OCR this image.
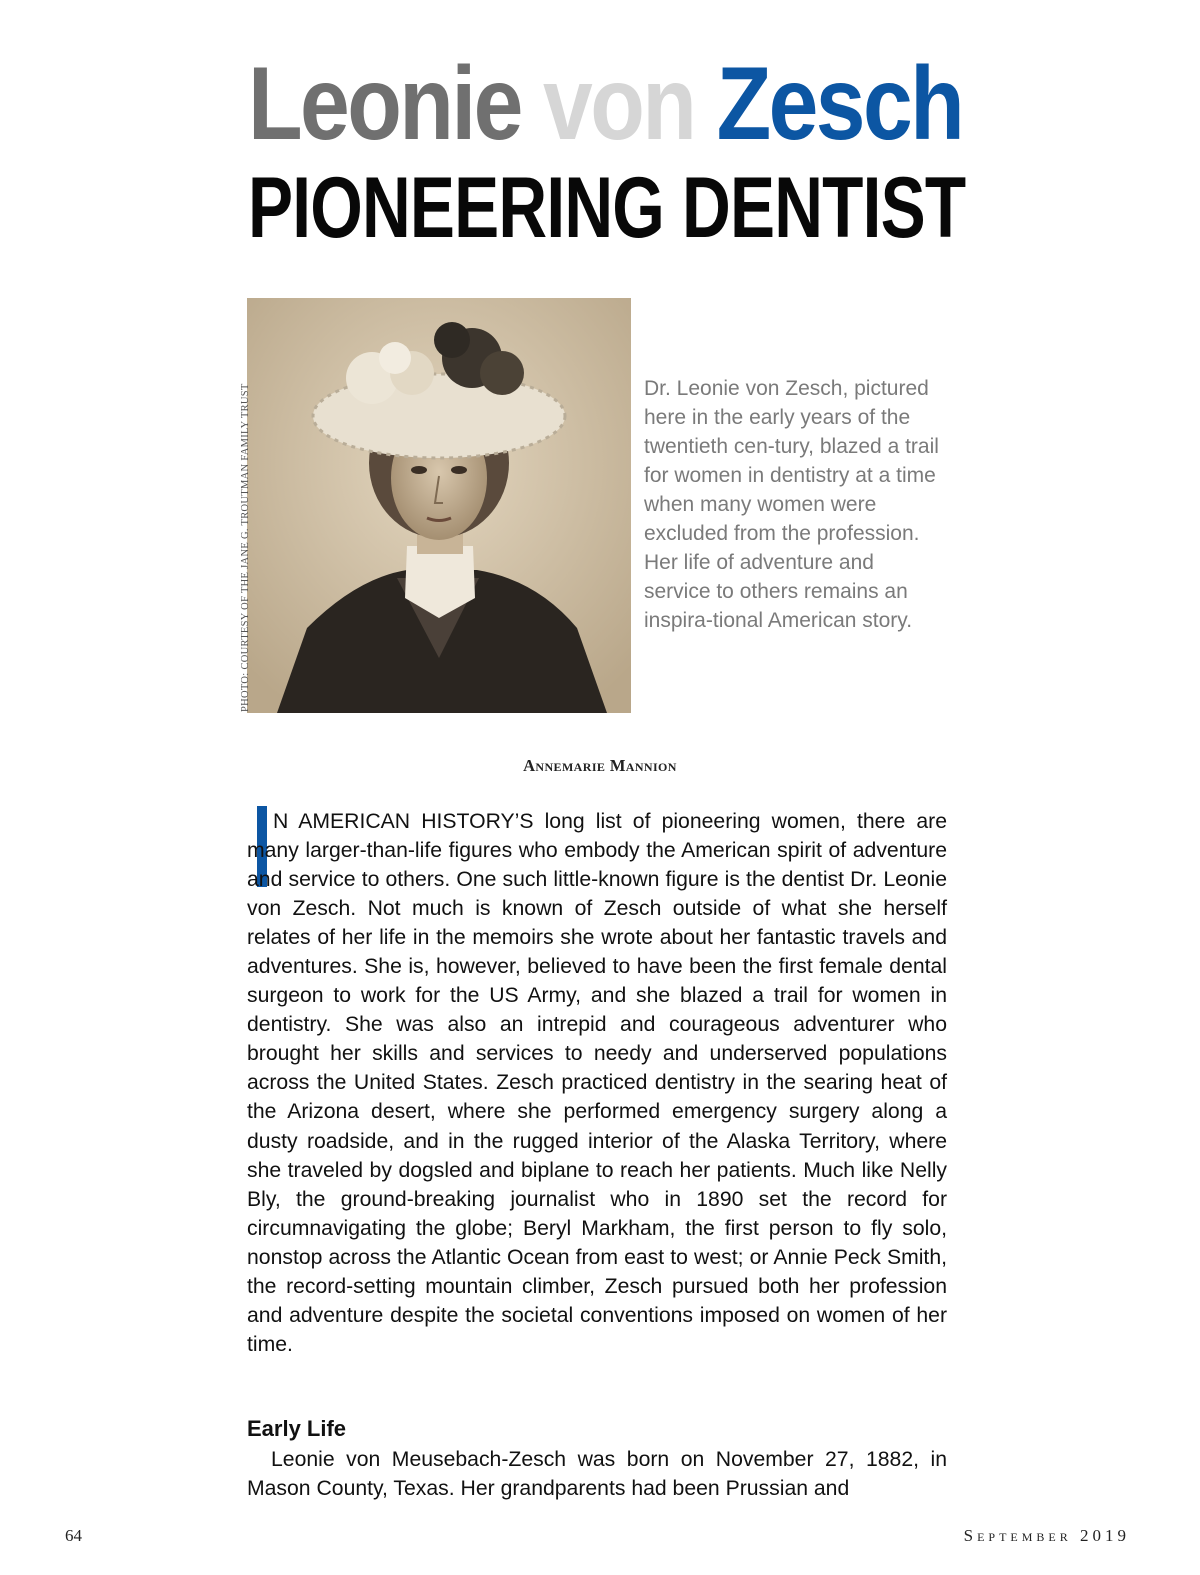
Leonie von Zesch
PIONEERING DENTIST
PHOTO: COURTESY OF THE JANE G. TROUTMAN FAMILY TRUST	Dr. Leonie von Zesch, pictured here in the early years of the twentieth cen-tury, blazed a trail for women in dentistry at a time when many women were excluded from the profession. Her life of adventure and service to others remains an inspira-tional American story.
Annemarie Mannion

N AMERICAN HISTORY’S long list of pioneering women, there are many larger-than-life figures who embody the American spirit of adventure and service to others. One such little-known figure is the dentist Dr. Leonie von Zesch. Not much is known of Zesch outside of what she herself relates of her life in the memoirs she wrote about her fantastic travels and adventures. She is, however, believed to have been the first female dental surgeon to work for the US Army, and she blazed a trail for women in dentistry. She was also an intrepid and courageous adventurer who brought her skills and services to needy and underserved populations across the United States. Zesch practiced dentistry in the searing heat of the Arizona desert, where she performed emergency surgery along a dusty roadside, and in the rugged interior of the Alaska Territory, where she traveled by dogsled and biplane to reach her patients. Much like Nelly Bly, the ground-breaking journalist who in 1890 set the record for circumnavigating the globe; Beryl Markham, the first person to fly solo, nonstop across the Atlantic Ocean from east to west; or Annie Peck Smith, the record-setting mountain climber, Zesch pursued both her profession and adventure despite the societal conventions imposed on women of her time.

Early Life
Leonie von Meusebach-Zesch was born on November 27, 1882, in Mason County, Texas. Her grandparents had been Prussian and
64	September 2019
